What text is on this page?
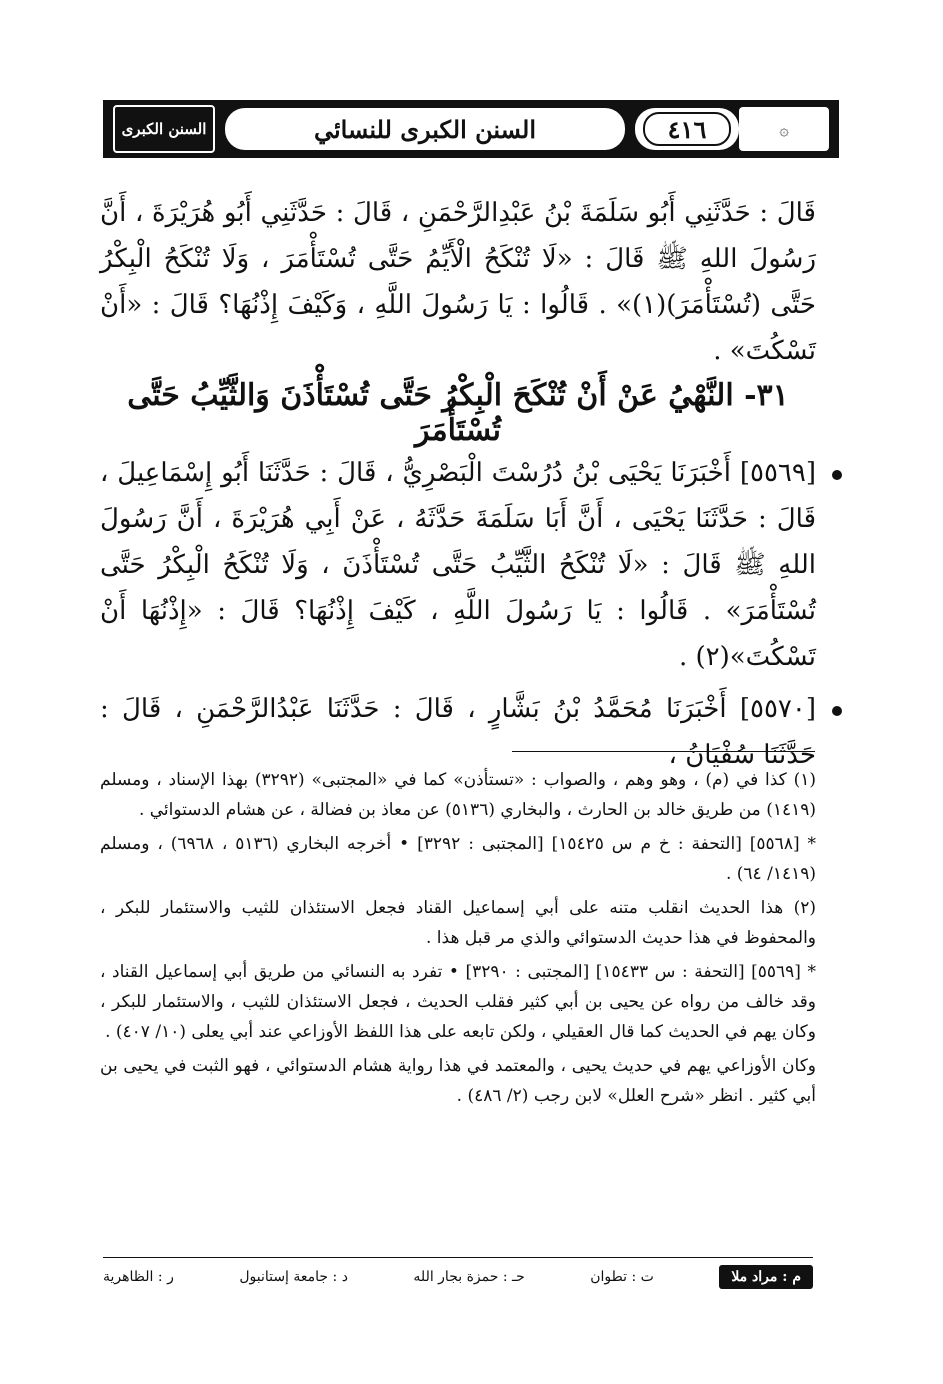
السنن الكبرى	السنن الكبرى للنسائي	٤١٦	۞
قَالَ : حَدَّثَنِي أَبُو سَلَمَةَ بْنُ عَبْدِالرَّحْمَنِ ، قَالَ : حَدَّثَنِي أَبُو هُرَيْرَةَ ، أَنَّ رَسُولَ اللهِ ﷺ قَالَ : «لَا تُنْكَحُ الْأَيِّمُ حَتَّى تُسْتَأْمَرَ ، وَلَا تُنْكَحُ الْبِكْرُ حَتَّى (تُسْتَأْمَرَ)(١)» . قَالُوا : يَا رَسُولَ اللَّهِ ، وَكَيْفَ إِذْنُهَا؟ قَالَ : «أَنْ تَسْكُتَ» .
٣١- النَّهْيُ عَنْ أَنْ تُنْكَحَ الْبِكْرُ حَتَّى تُسْتَأْذَنَ وَالثَّيِّبُ حَتَّى تُسْتَأْمَرَ
[٥٥٦٩] أَخْبَرَنَا يَحْيَى بْنُ دُرُسْتَ الْبَصْرِيُّ ، قَالَ : حَدَّثَنَا أَبُو إِسْمَاعِيلَ ، قَالَ : حَدَّثَنَا يَحْيَى ، أَنَّ أَبَا سَلَمَةَ حَدَّثَهُ ، عَنْ أَبِي هُرَيْرَةَ ، أَنَّ رَسُولَ اللهِ ﷺ قَالَ : «لَا تُنْكَحُ الثَّيِّبُ حَتَّى تُسْتَأْذَنَ ، وَلَا تُنْكَحُ الْبِكْرُ حَتَّى تُسْتَأْمَرَ» . قَالُوا : يَا رَسُولَ اللَّهِ ، كَيْفَ إِذْنُهَا؟ قَالَ : «إِذْنُهَا أَنْ تَسْكُتَ»(٢) .
[٥٥٧٠] أَخْبَرَنَا مُحَمَّدُ بْنُ بَشَّارٍ ، قَالَ : حَدَّثَنَا عَبْدُالرَّحْمَنِ ، قَالَ : حَدَّثَنَا سُفْيَانُ ،

(١) كذا في (م) ، وهو وهم ، والصواب : «تستأذن» كما في «المجتبى» (٣٢٩٢) بهذا الإسناد ، ومسلم (١٤١٩) من طريق خالد بن الحارث ، والبخاري (٥١٣٦) عن معاذ بن فضالة ، عن هشام الدستوائي .

* [٥٥٦٨] [التحفة : خ م س ١٥٤٢٥] [المجتبى : ٣٢٩٢] • أخرجه البخاري (٥١٣٦ ، ٦٩٦٨) ، ومسلم (١٤١٩/ ٦٤) .

(٢) هذا الحديث انقلب متنه على أبي إسماعيل القناد فجعل الاستئذان للثيب والاستئمار للبكر ، والمحفوظ في هذا حديث الدستوائي والذي مر قبل هذا .

* [٥٥٦٩] [التحفة : س ١٥٤٣٣] [المجتبى : ٣٢٩٠] • تفرد به النسائي من طريق أبي إسماعيل القناد ، وقد خالف من رواه عن يحيى بن أبي كثير فقلب الحديث ، فجعل الاستئذان للثيب ، والاستئمار للبكر ، وكان يهم في الحديث كما قال العقيلي ، ولكن تابعه على هذا اللفظ الأوزاعي عند أبي يعلى (١٠/ ٤٠٧) .

وكان الأوزاعي يهم في حديث يحيى ، والمعتمد في هذا رواية هشام الدستوائي ، فهو الثبت في يحيى بن أبي كثير . انظر «شرح العلل» لابن رجب (٢/ ٤٨٦) .

م : مراد ملا
ت : تطوان
حـ : حمزة بجار الله
د : جامعة إستانبول
ر : الظاهرية
